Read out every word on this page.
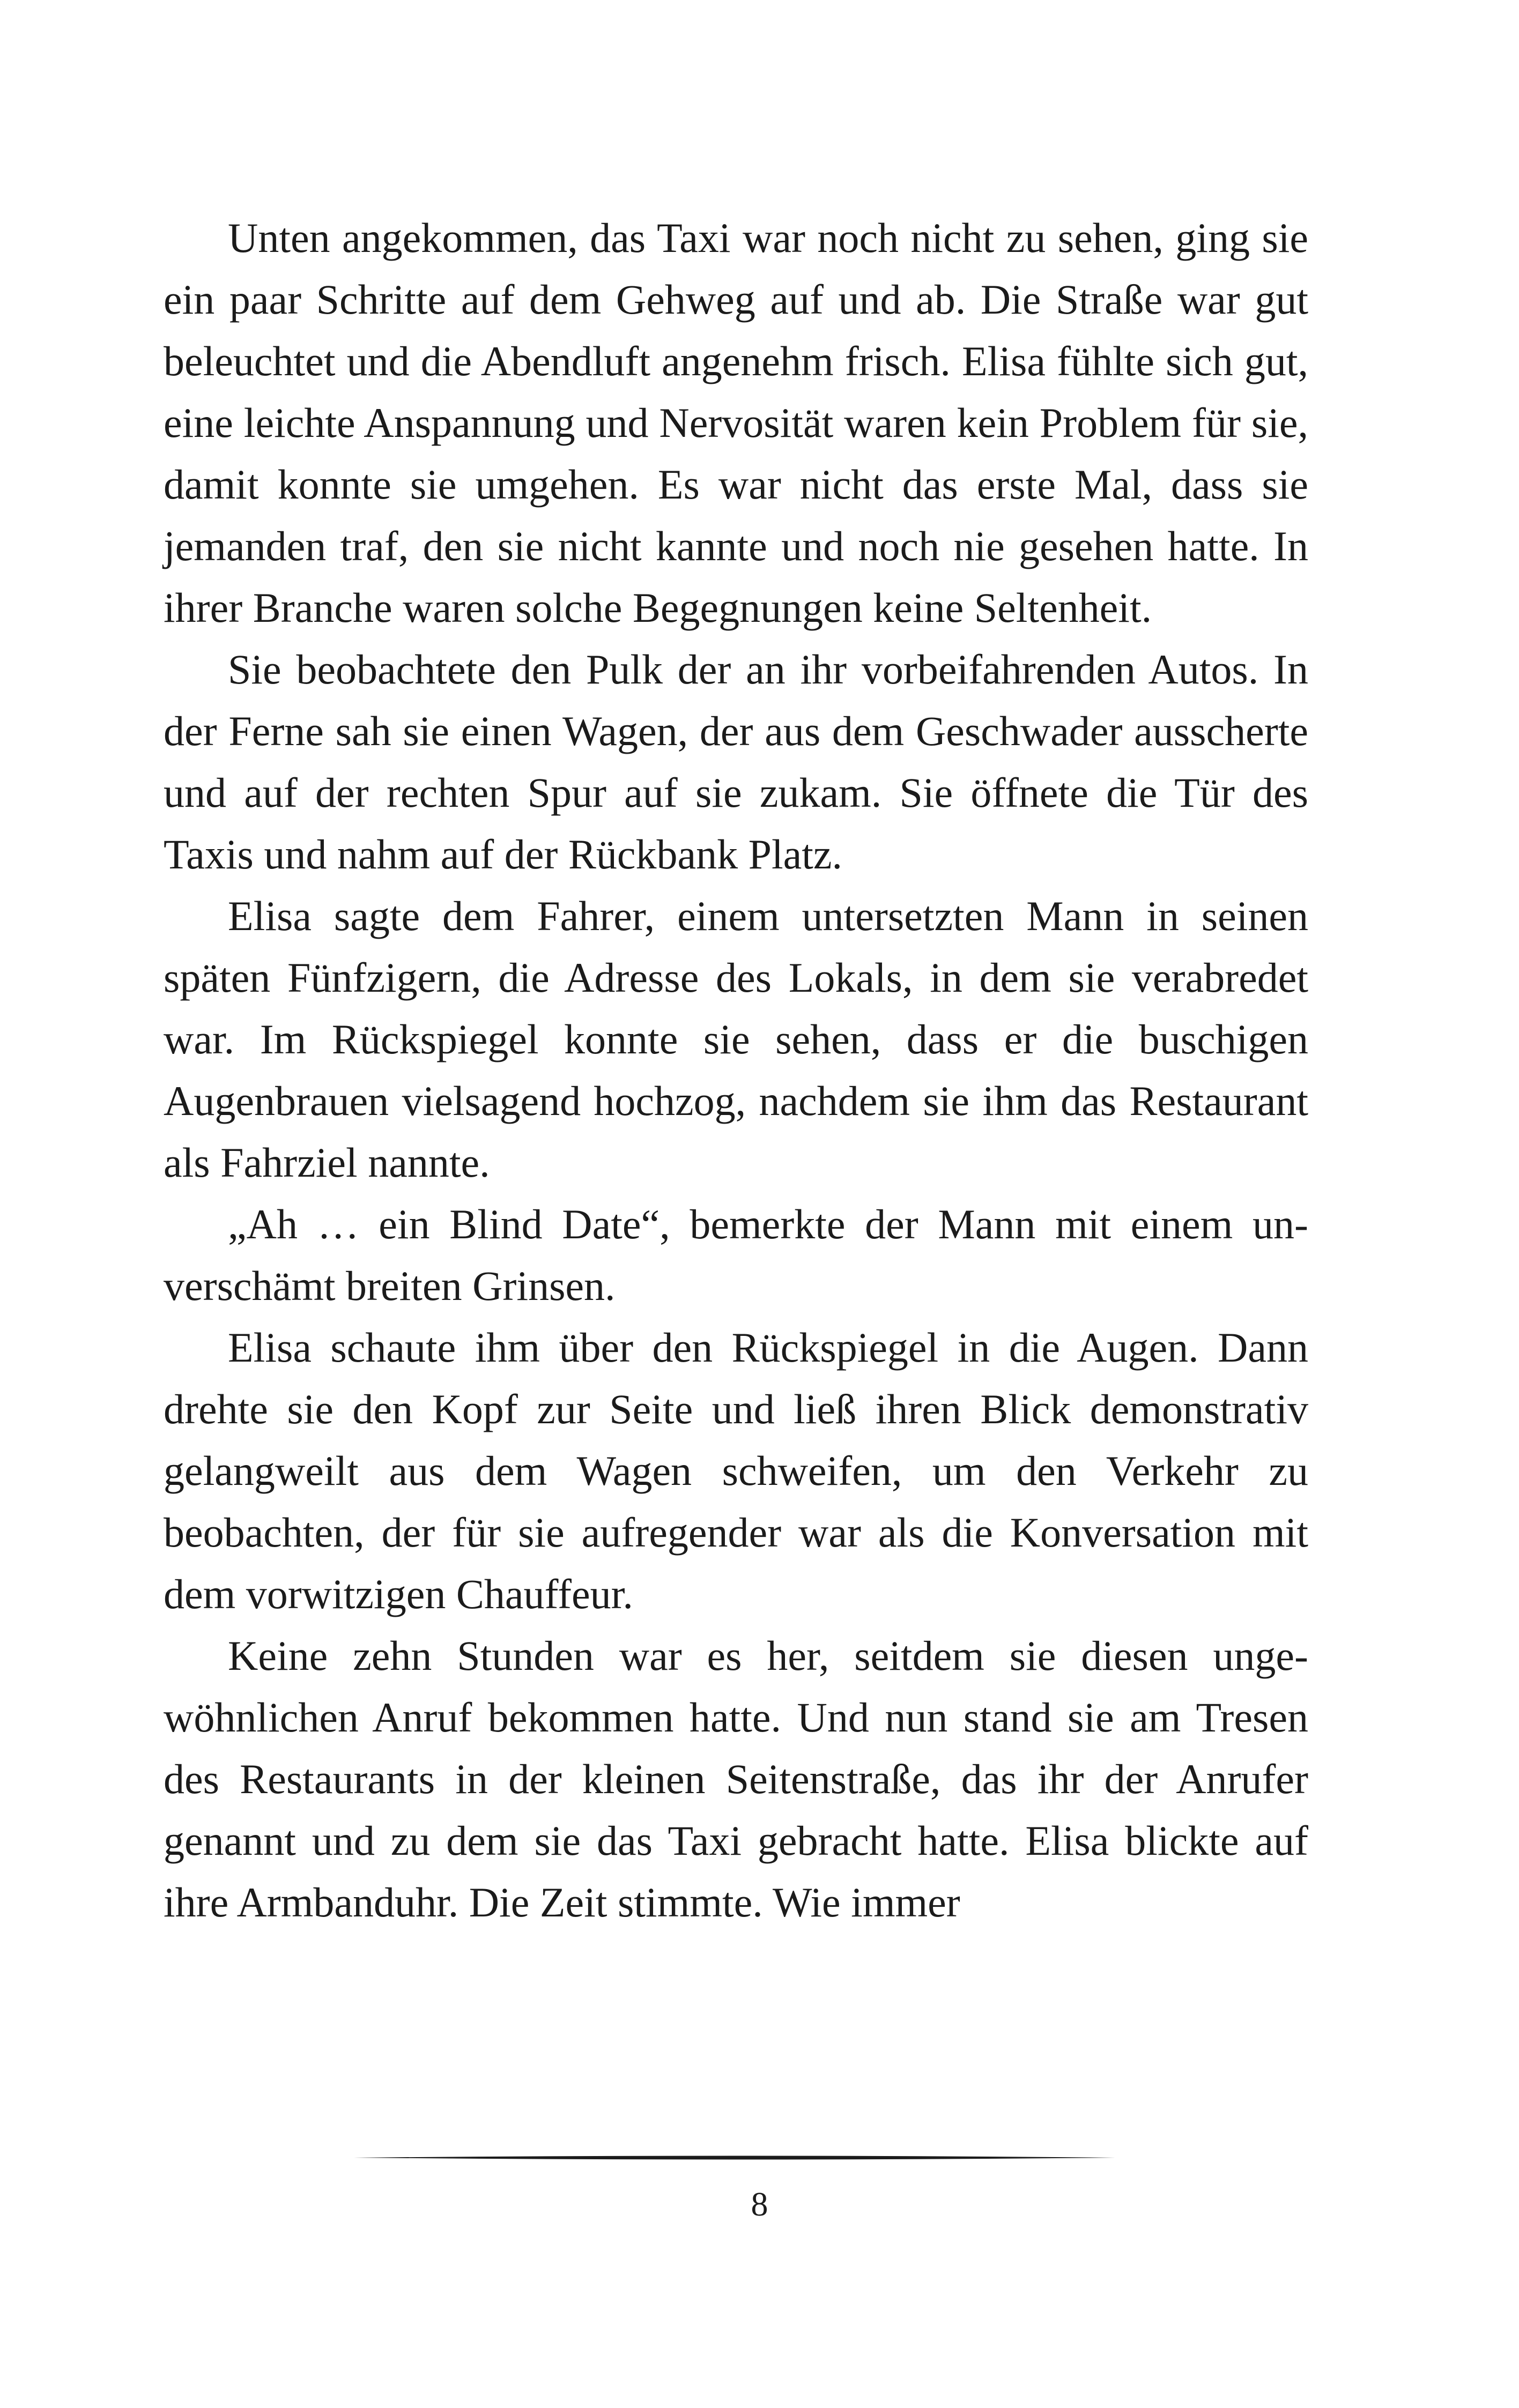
Unten angekommen, das Taxi war noch nicht zu sehen, ging sie ein paar Schritte auf dem Gehweg auf und ab. Die Straße war gut beleuchtet und die Abendluft angenehm frisch. Elisa fühlte sich gut, eine leichte Anspannung und Nervosität waren kein Problem für sie, damit konnte sie umgehen. Es war nicht das erste Mal, dass sie jemanden traf, den sie nicht kannte und noch nie gesehen hatte. In ihrer Branche waren solche Begegnungen keine Seltenheit.

Sie beobachtete den Pulk der an ihr vorbeifahrenden Autos. In der Ferne sah sie einen Wagen, der aus dem Geschwader ausscherte und auf der rechten Spur auf sie zukam. Sie öffnete die Tür des Taxis und nahm auf der Rückbank Platz.

Elisa sagte dem Fahrer, einem untersetzten Mann in seinen späten Fünfzigern, die Adresse des Lokals, in dem sie verabredet war. Im Rückspiegel konnte sie sehen, dass er die buschigen Augenbrauen vielsagend hochzog, nachdem sie ihm das Restaurant als Fahrziel nannte.

„Ah … ein Blind Date“, bemerkte der Mann mit einem unverschämt breiten Grinsen.

Elisa schaute ihm über den Rückspiegel in die Augen. Dann drehte sie den Kopf zur Seite und ließ ihren Blick demonstrativ gelangweilt aus dem Wagen schweifen, um den Verkehr zu beobachten, der für sie aufregender war als die Konversation mit dem vorwitzigen Chauffeur.

Keine zehn Stunden war es her, seitdem sie diesen ungewöhnlichen Anruf bekommen hatte. Und nun stand sie am Tresen des Restaurants in der kleinen Seitenstraße, das ihr der Anrufer genannt und zu dem sie das Taxi gebracht hatte. Elisa blickte auf ihre Armbanduhr. Die Zeit stimmte. Wie immer

8
